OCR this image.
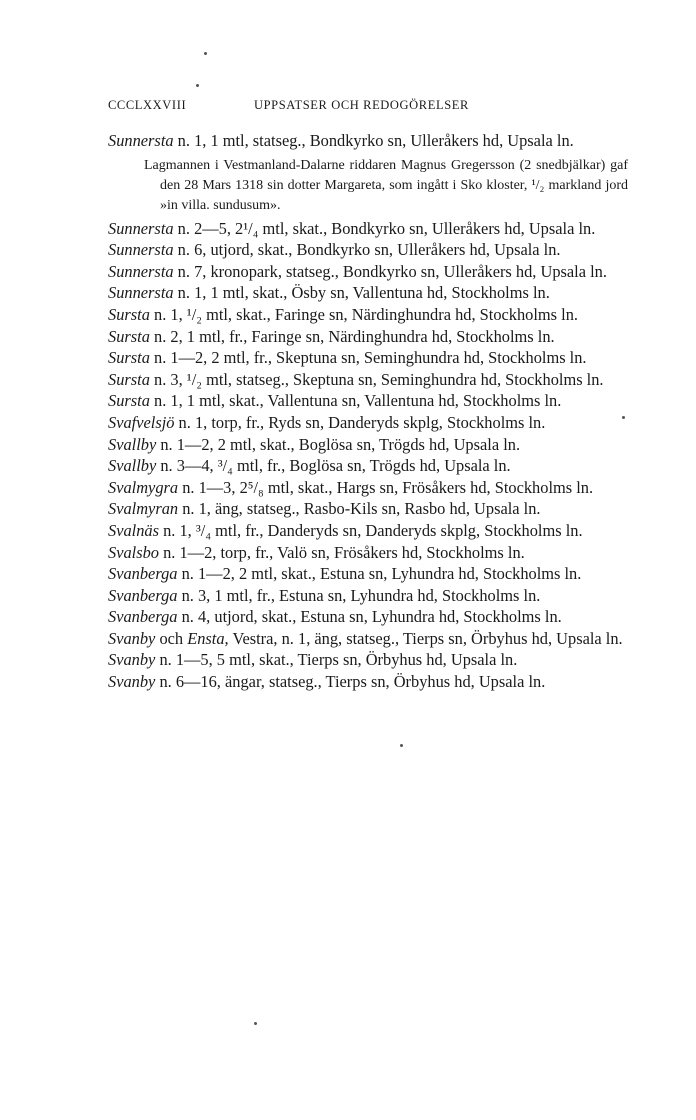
CCCLXXVIII	UPPSATSER OCH REDOGÖRELSER
Sunnersta n. 1, 1 mtl, statseg., Bondkyrko sn, Ulleråkers hd, Upsala ln.
Lagmannen i Vestmanland-Dalarne riddaren Magnus Gregersson (2 snedbjälkar) gaf den 28 Mars 1318 sin dotter Margareta, som ingått i Sko kloster, ¹/₂ markland jord »in villa. sundusum».
Sunnersta n. 2—5, 2¹/₄ mtl, skat., Bondkyrko sn, Ulleråkers hd, Upsala ln.
Sunnersta n. 6, utjord, skat., Bondkyrko sn, Ulleråkers hd, Upsala ln.
Sunnersta n. 7, kronopark, statseg., Bondkyrko sn, Ulleråkers hd, Upsala ln.
Sunnersta n. 1, 1 mtl, skat., Ösby sn, Vallentuna hd, Stockholms ln.
Sursta n. 1, ¹/₂ mtl, skat., Faringe sn, Närdinghundra hd, Stockholms ln.
Sursta n. 2, 1 mtl, fr., Faringe sn, Närdinghundra hd, Stockholms ln.
Sursta n. 1—2, 2 mtl, fr., Skeptuna sn, Seminghundra hd, Stockholms ln.
Sursta n. 3, ¹/₂ mtl, statseg., Skeptuna sn, Seminghundra hd, Stockholms ln.
Sursta n. 1, 1 mtl, skat., Vallentuna sn, Vallentuna hd, Stockholms ln.
Svafvelsjö n. 1, torp, fr., Ryds sn, Danderyds skplg, Stockholms ln.
Svallby n. 1—2, 2 mtl, skat., Boglösa sn, Trögds hd, Upsala ln.
Svallby n. 3—4, ³/₄ mtl, fr., Boglösa sn, Trögds hd, Upsala ln.
Svalmygra n. 1—3, 2⁵/₈ mtl, skat., Hargs sn, Frösåkers hd, Stockholms ln.
Svalmyran n. 1, äng, statseg., Rasbo-Kils sn, Rasbo hd, Upsala ln.
Svalnäs n. 1, ³/₄ mtl, fr., Danderyds sn, Danderyds skplg, Stockholms ln.
Svalsbo n. 1—2, torp, fr., Valö sn, Frösåkers hd, Stockholms ln.
Svanberga n. 1—2, 2 mtl, skat., Estuna sn, Lyhundra hd, Stockholms ln.
Svanberga n. 3, 1 mtl, fr., Estuna sn, Lyhundra hd, Stockholms ln.
Svanberga n. 4, utjord, skat., Estuna sn, Lyhundra hd, Stockholms ln.
Svanby och Ensta, Vestra, n. 1, äng, statseg., Tierps sn, Örbyhus hd, Upsala ln.
Svanby n. 1—5, 5 mtl, skat., Tierps sn, Örbyhus hd, Upsala ln.
Svanby n. 6—16, ängar, statseg., Tierps sn, Örbyhus hd, Upsala ln.
